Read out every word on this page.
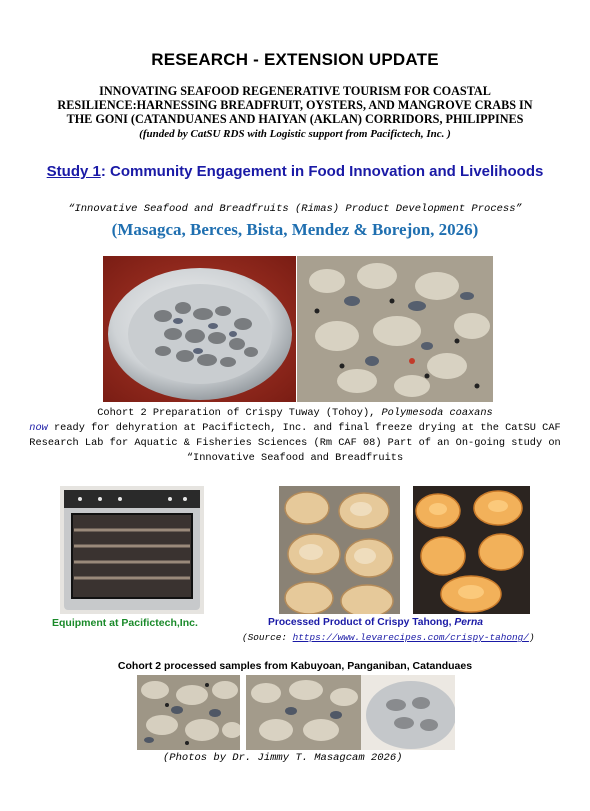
RESEARCH - EXTENSION UPDATE
INNOVATING SEAFOOD REGENERATIVE TOURISM FOR COASTAL RESILIENCE:HARNESSING BREADFRUIT, OYSTERS, AND MANGROVE CRABS IN THE GONI (CATANDUANES AND HAIYAN (AKLAN) CORRIDORS, PHILIPPINES (funded by CatSU RDS with Logistic support from Pacifictech, Inc. )
Study 1: Community Engagement in Food Innovation and Livelihoods
“Innovative Seafood and Breadfruits (Rimas) Product Development Process”
(Masagca, Berces, Bista, Mendez & Borejon, 2026)
Cohort 2 Preparation of Crispy Tuway (Tohoy), Polymesoda coaxans
now ready for dehyration at Pacifictech, Inc. and final freeze drying at the CatSU CAF Research Lab for Aquatic & Fisheries Sciences (Rm CAF 08) Part of an On-going study on “Innovative Seafood and Breadfruits
Equipment at Pacifictech,Inc.	Processed Product of Crispy Tahong, Perna
(Source: https://www.levarecipes.com/crispy-tahong/)
Cohort 2 processed samples from Kabuyoan, Panganiban, Catanduaes
(Photos by Dr. Jimmy T. Masagcam 2026)
